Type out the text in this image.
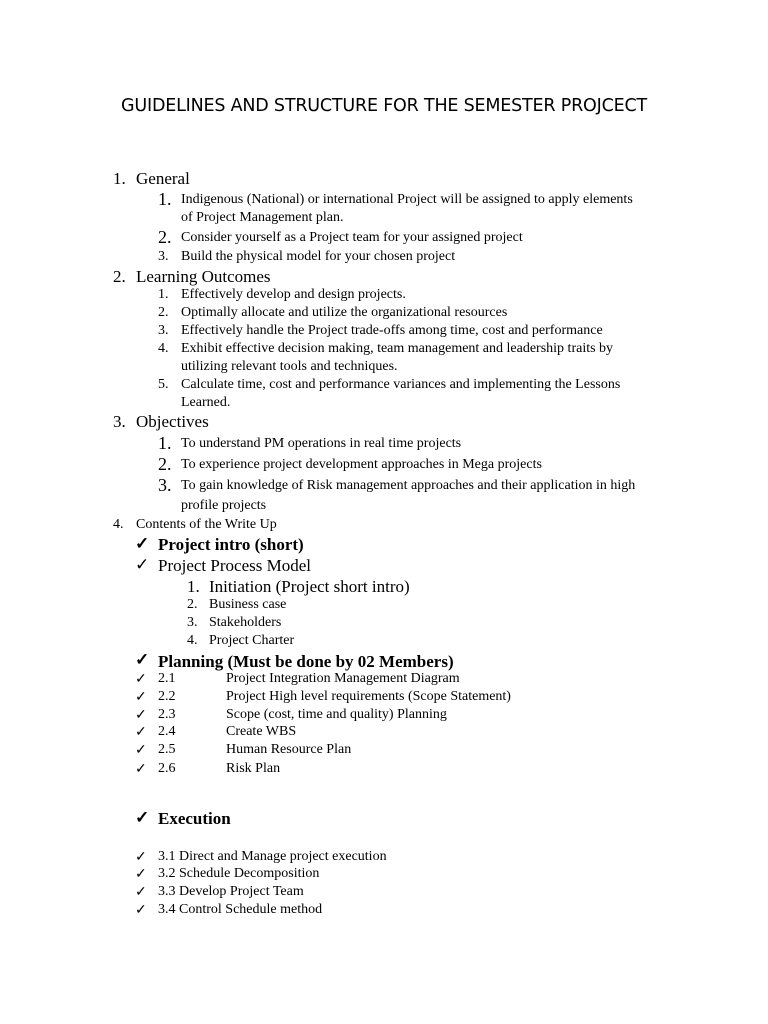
GUIDELINES AND STRUCTURE FOR THE SEMESTER PROJCECT
1. General
1. Indigenous (National) or international Project will be assigned to apply elements
of Project Management plan.
2. Consider yourself as a Project team for your assigned project
3. Build the physical model for your chosen project
2. Learning Outcomes
1. Effectively develop and design projects.
2. Optimally allocate and utilize the organizational resources
3. Effectively handle the Project trade-offs among time, cost and performance
4. Exhibit effective decision making, team management and leadership traits by
utilizing relevant tools and techniques.
5. Calculate time, cost and performance variances and implementing the Lessons
Learned.
3. Objectives
1. To understand PM operations in real time projects
2. To experience project development approaches in Mega projects
3. To gain knowledge of Risk management approaches and their application in high
profile projects
4. Contents of the Write Up
✓ Project intro (short)
✓ Project Process Model
1. Initiation (Project short intro)
2. Business case
3. Stakeholders
4. Project Charter
✓ Planning (Must be done by 02 Members)
✓ 2.1	Project Integration Management Diagram
✓ 2.2	Project High level requirements (Scope Statement)
✓ 2.3	Scope (cost, time and quality) Planning
✓ 2.4	Create WBS
✓ 2.5	Human Resource Plan
✓ 2.6	Risk Plan
✓ Execution
✓ 3.1 Direct and Manage project execution
✓ 3.2 Schedule Decomposition
✓ 3.3 Develop Project Team
✓ 3.4 Control Schedule method
